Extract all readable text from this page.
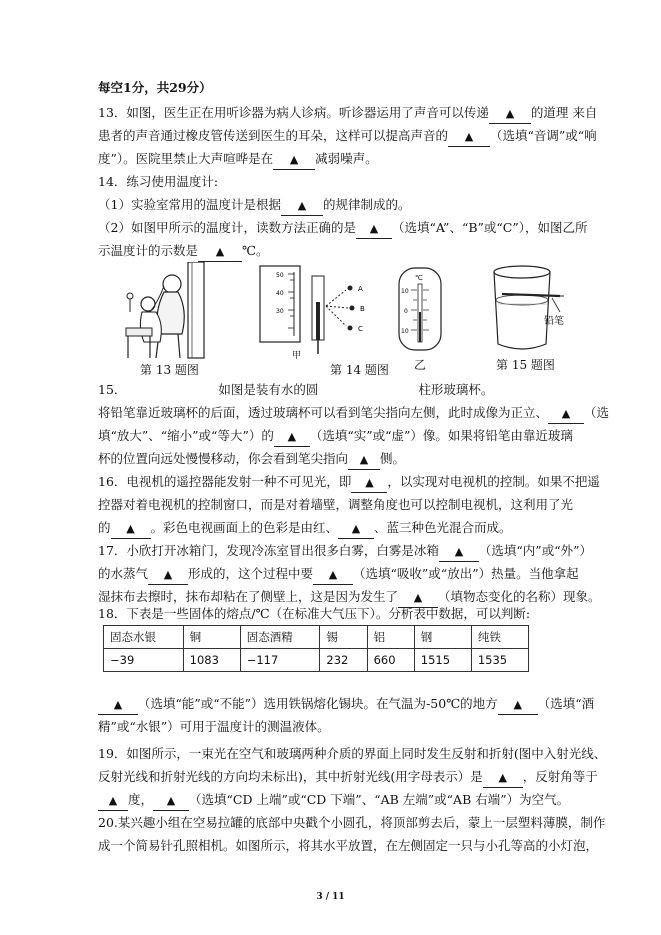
每空1分，共29分）
13．如图，医生正在用听诊器为病人诊病。听诊器运用了声音可以传递 ▲ 的道理 来自
患者的声音通过橡皮管传送到医生的耳朵，这样可以提高声音的 ▲ （选填“音调”或“响
度”）。医院里禁止大声喧哗是在 ▲ 减弱噪声。
14．练习使用温度计:
（1）实验室常用的温度计是根据 ▲ 的规律制成的。
（2）如图甲所示的温度计，读数方法正确的是 ▲ （选填“A”、“B”或“C”），如图乙所
示温度计的示数是 ▲ ℃。
第 13 题图
50
40
30
A
B
C
甲
第 14 题图
℃
10
0
10
乙
铅笔
第 15 题图
15．	如图是装有水的圆	柱形玻璃杯。
将铅笔靠近玻璃杯的后面，透过玻璃杯可以看到笔尖指向左侧，此时成像为正立、 ▲ （选
填“放大”、“缩小”或“等大”）的 ▲ （选填“实”或“虚”）像。如果将铅笔由靠近玻璃
杯的位置向远处慢慢移动，你会看到笔尖指向 ▲ 侧。
16．电视机的遥控器能发射一种不可见光，即 ▲ ，以实现对电视机的控制。如果不把遥
控器对着电视机的控制窗口，而是对着墙壁，调整角度也可以控制电视机，这利用了光
的 ▲ 。彩色电视画面上的色彩是由红、 ▲ 、蓝三种色光混合而成。
17．小欣打开冰箱门，发现冷冻室冒出很多白雾，白雾是冰箱 ▲ （选填“内”或“外”）
的水蒸气 ▲ 形成的，这个过程中要 ▲ （选填“吸收”或“放出”）热量。当他拿起
湿抹布去擦时，抹布却粘在了侧壁上，这是因为发生了 ▲ （填物态变化的名称）现象。
18．下表是一些固体的熔点/℃（在标准大气压下）。分析表中数据，可以判断:
固态水银	铜	固态酒精	锡	铝	钢	纯铁
−39	1083	−117	232	660	1515	1535
▲ （选填“能”或“不能”）选用铁锅熔化锡块。在气温为-50℃的地方 ▲ （选填“酒
精”或“水银”）可用于温度计的测温液体。
19．如图所示，一束光在空气和玻璃两种介质的界面上同时发生反射和折射(图中入射光线、
反射光线和折射光线的方向均未标出)，其中折射光线(用字母表示）是 ▲ ，反射角等于
▲ 度， ▲ （选填“CD 上端”或“CD 下端”、“AB 左端”或“AB 右端”）为空气。
20.某兴趣小组在空易拉罐的底部中央戳个小圆孔，将顶部剪去后，蒙上一层塑料薄膜，制作
成一个简易针孔照相机。如图所示，将其水平放置，在左侧固定一只与小孔等高的小灯泡，
3 / 11
